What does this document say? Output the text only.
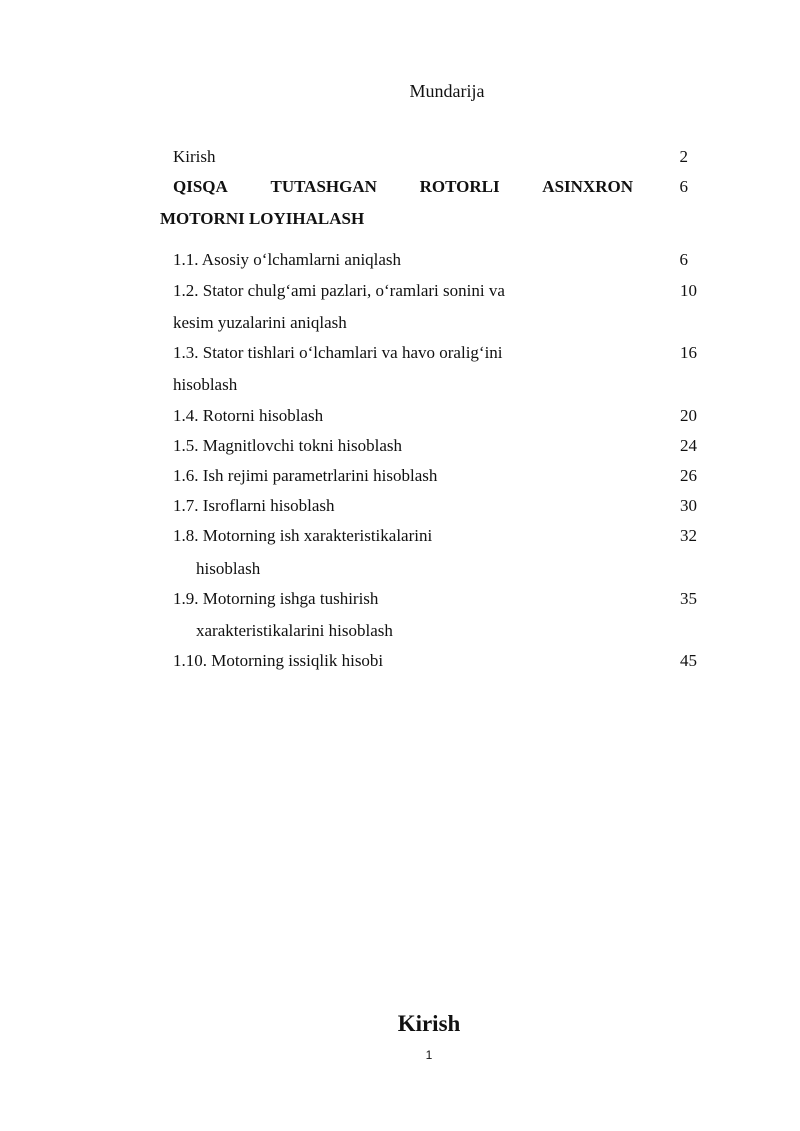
Mundarija
Kirish	2
QISQA	TUTASHGAN	ROTORLI	ASINXRON	6
MOTORNI LOYIHALASH
1.1. Asosiy o‘lchamlarni aniqlash	6
1.2. Stator chulg‘ami pazlari, o‘ramlari sonini va	10
kesim yuzalarini aniqlash
1.3. Stator tishlari o‘lchamlari va havo oralig‘ini	16
hisoblash
1.4. Rotorni hisoblash	20
1.5. Magnitlovchi tokni hisoblash	24
1.6. Ish rejimi parametrlarini hisoblash	26
1.7. Isroflarni hisoblash	30
1.8. Motorning ish xarakteristikalarini	32
hisoblash
1.9. Motorning ishga tushirish	35
xarakteristikalarini hisoblash
1.10. Motorning issiqlik hisobi	45
Kirish
1
